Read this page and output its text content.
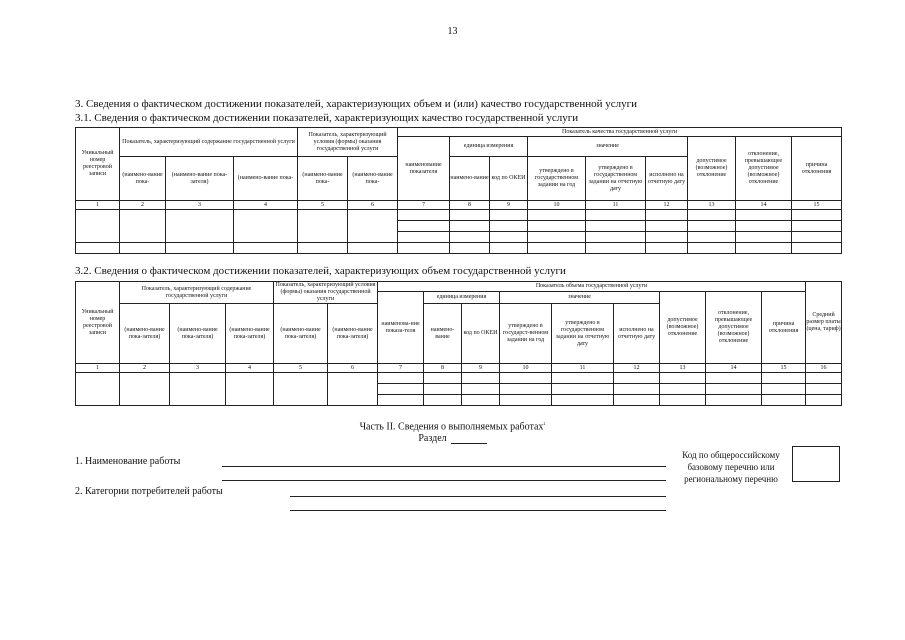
13
3. Сведения о фактическом достижении показателей, характеризующих объем и (или) качество государственной услуги
3.1. Сведения о фактическом достижении показателей, характеризующих качество государственной услуги
Уникальный номер реестровой записи	Показатель, характеризующий содержание государственной услуги			Показатель, характеризующий условия (формы) оказания государственной услуги		Показатель качества государственной услуги								
						наименование показателя	единица измерения		значение			допустимое (возможное) отклонение	отклонение, превышающее допустимое (возможное) отклонение	причина отклонения
	(наимено-вание пока-	(наимено-вание пока-зателя)	(наимено-вание пока-	(наимено-вание пока-	(наимено-вание пока-		наимено-вание	код по ОКЕИ	утверждено в государственном задании на год	утверждено в государственном задании на отчетную дату	исполнено на отчетную дату			
1	2	3	4	5	6	7	8	9	10	11	12	13	14	15

3.2. Сведения о фактическом достижении показателей, характеризующих объем государственной услуги
Уникальный номер реестровой записи	Показатель, характеризующий содержание государственной услуги			Показатель, характеризующий условия (формы) оказания государственной услуги		Показатель объема государственной услуги									Средний размер платы (цена, тариф)
						наименова-ние показа-теля	единица измерения		значение			допустимое (возможное) отклонение	отклонение, превышающее допустимое (возможное) отклонение	причина отклонения	
	(наимено-вание пока-зателя)	(наимено-вание пока-зателя)	(наимено-вание пока-зателя)	(наимено-вание пока-зателя)	(наимено-вание пока-зателя)		наимено-вание	код по ОКЕИ	утверждено в государст-венном задании на год	утверждено в государственном задании на отчетную дату	исполнено на отчетную дату				
1	2	3	4	5	6	7	8	9	10	11	12	13	14	15	16

Часть II. Сведения о выполняемых работах$^2$
Раздел
1. Наименование работы
2. Категории потребителей работы
Код по общероссийскому базовому перечню или региональному перечню
